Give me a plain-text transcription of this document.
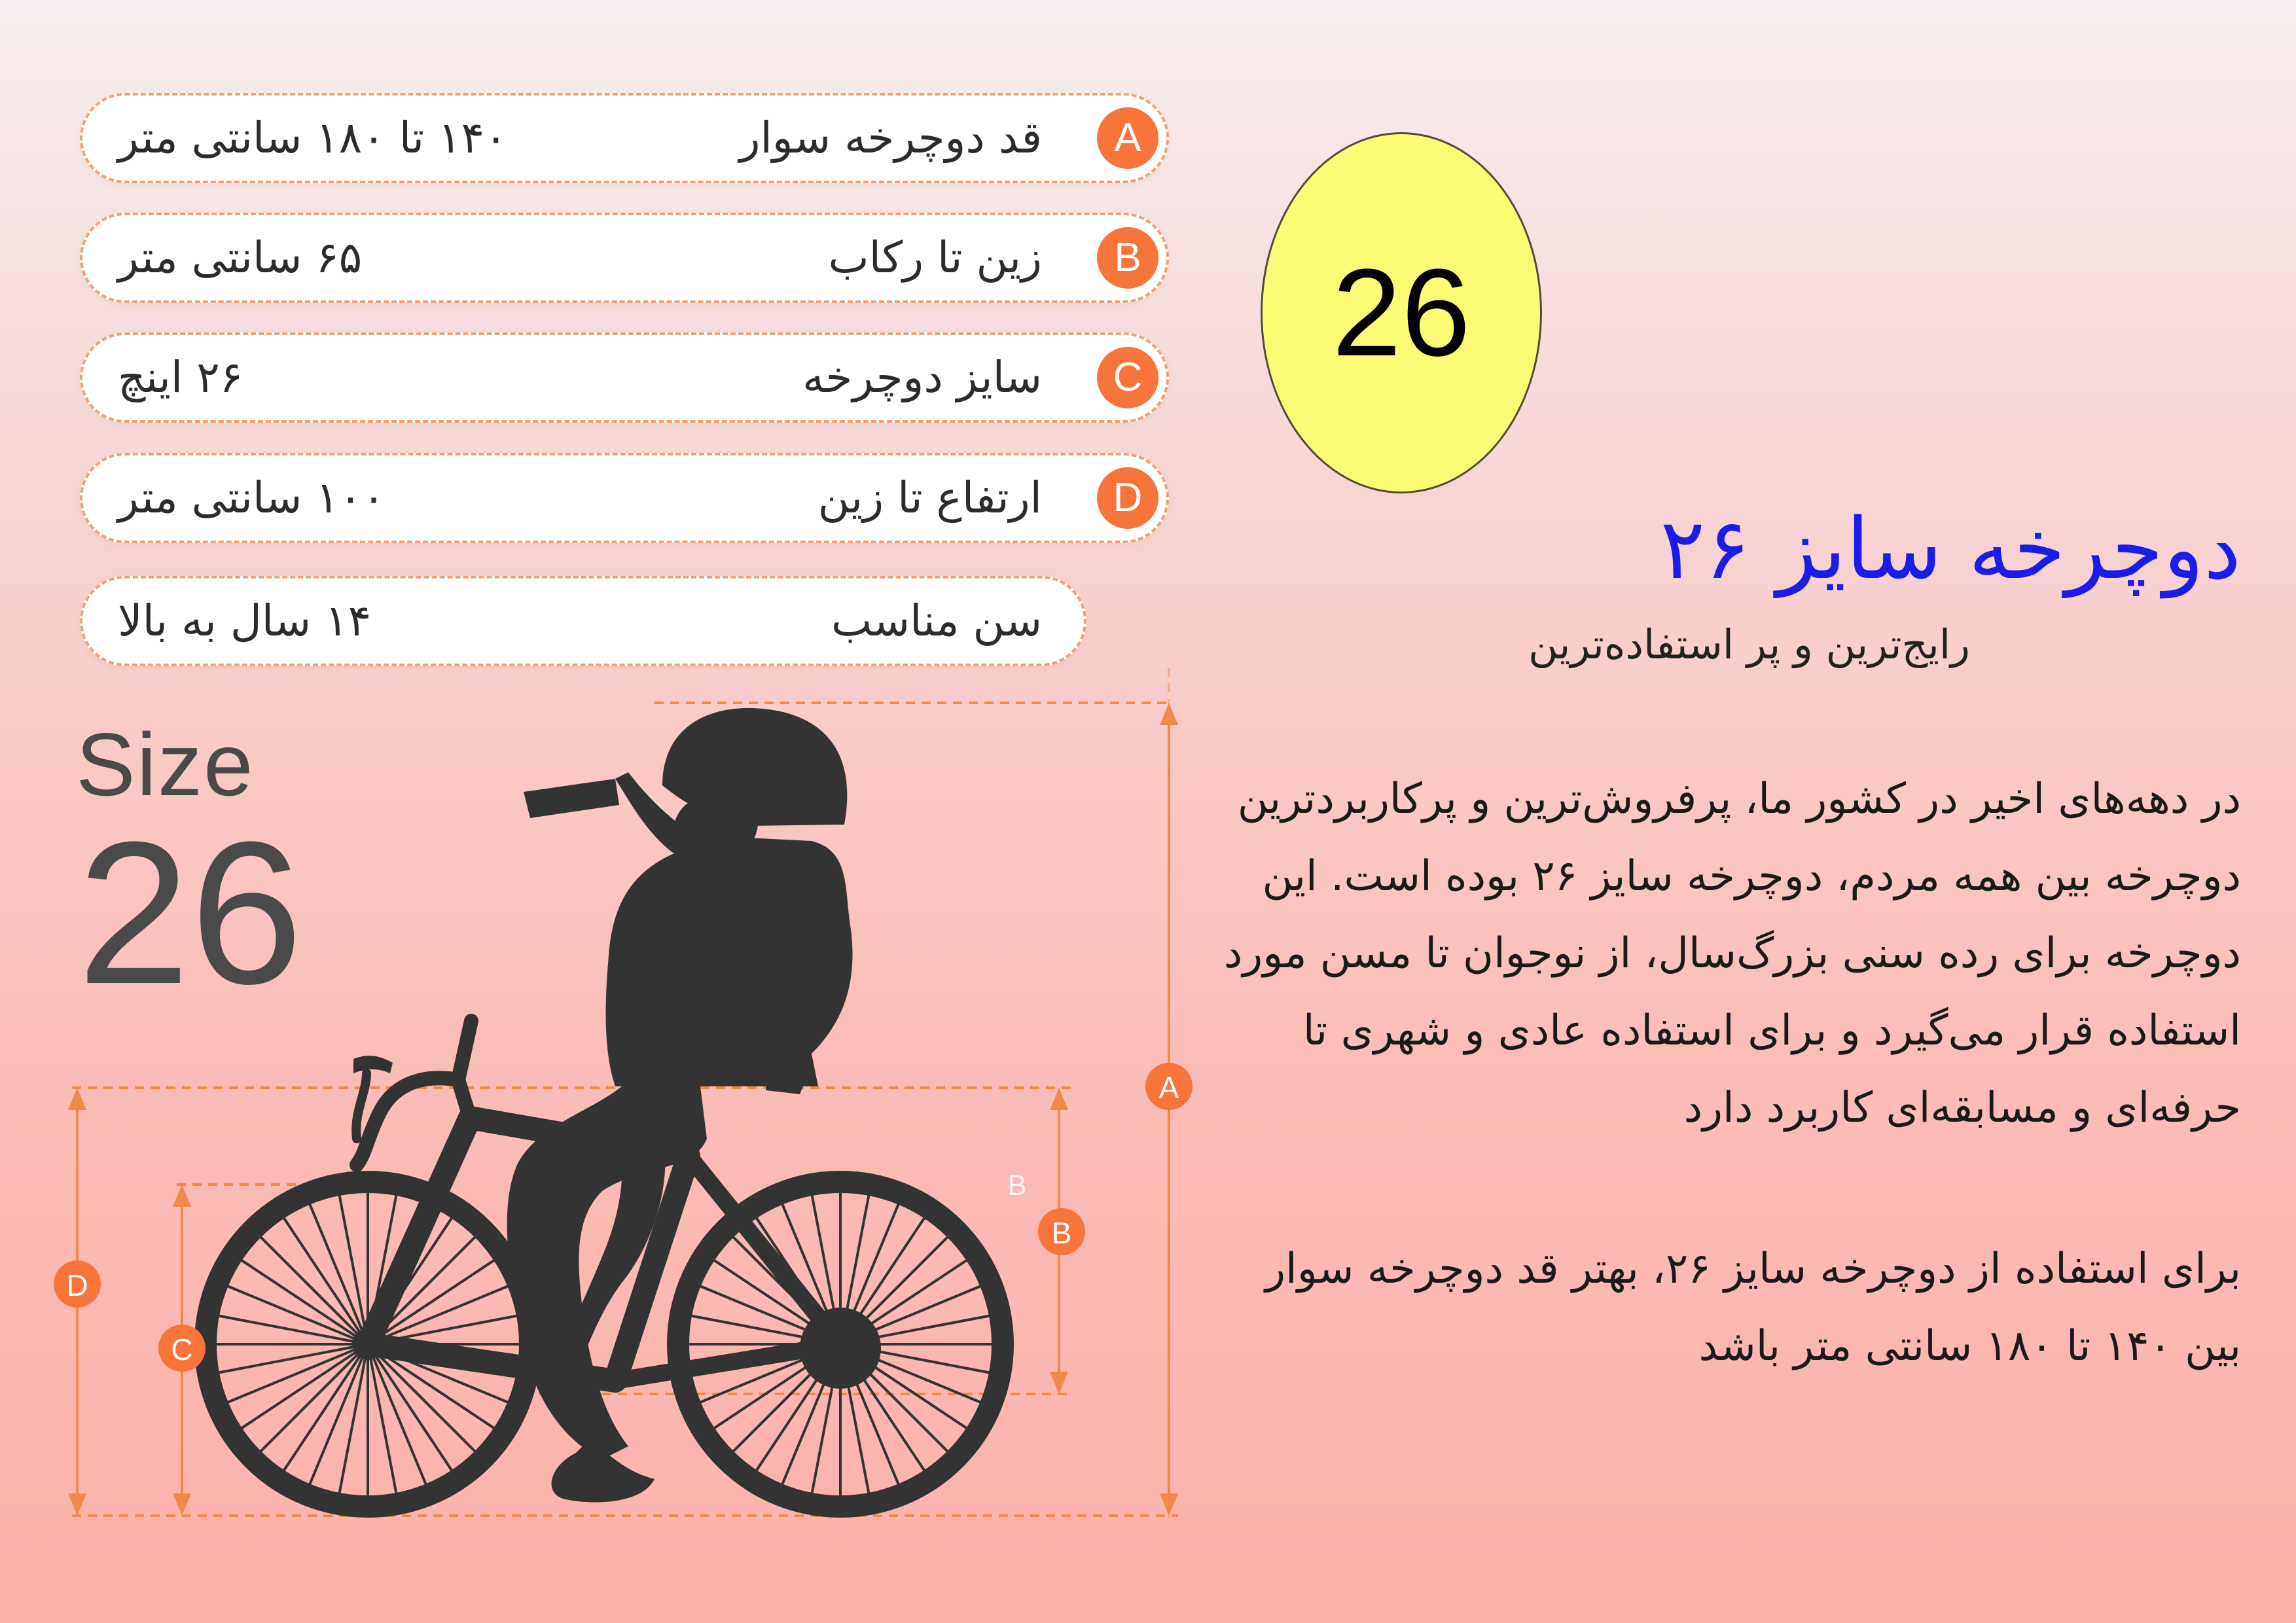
۱۴۰ تا ۱۸۰ سانتی متر	قد دوچرخه سوار	A
۶۵ سانتی متر	زین تا رکاب	B
۲۶ اینچ	سایز دوچرخه	C
۱۰۰ سانتی متر	ارتفاع تا زین	D
۱۴ سال به بالا	سن مناسب
26
دوچرخه سایز ۲۶
رایج‌ترین و پر استفاده‌ترین

در دهه‌های اخیر در کشور ما، پرفروش‌ترین و پرکاربردترین
دوچرخه بین همه مردم، دوچرخه سایز ۲۶ بوده است. این
دوچرخه برای رده سنی بزرگ‌سال، از نوجوان تا مسن مورد
استفاده قرار می‌گیرد و برای استفاده عادی و شهری تا
حرفه‌ای و مسابقه‌ای کاربرد دارد

برای استفاده از دوچرخه سایز ۲۶، بهتر قد دوچرخه سوار
بین ۱۴۰ تا ۱۸۰ سانتی متر باشد

Size
26
A
B
B
C
D
